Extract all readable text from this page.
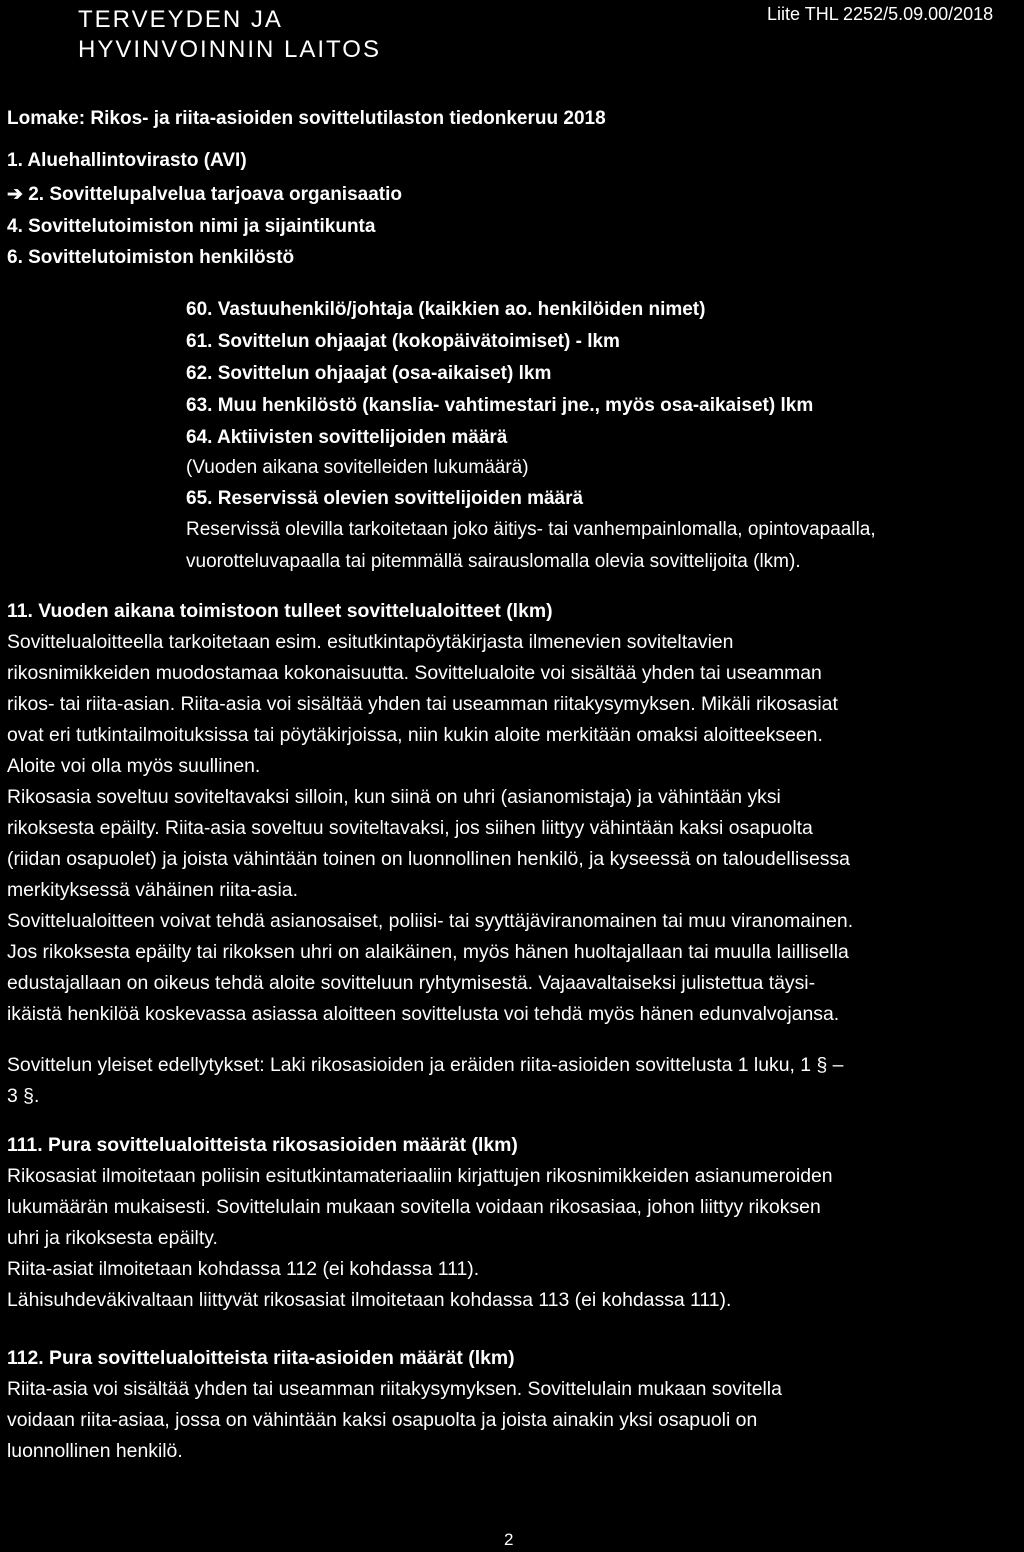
TERVEYDEN JA
HYVINVOINNIN LAITOS
Liite THL 2252/5.09.00/2018
Lomake: Rikos- ja riita-asioiden sovittelutilaston tiedonkeruu 2018
1. Aluehallintovirasto (AVI)
➔ 2. Sovittelupalvelua tarjoava organisaatio
4. Sovittelutoimiston nimi ja sijaintikunta
6. Sovittelutoimiston henkilöstö
60. Vastuuhenkilö/johtaja (kaikkien ao. henkilöiden nimet)
61. Sovittelun ohjaajat (kokopäivätoimiset) - lkm
62. Sovittelun ohjaajat (osa-aikaiset) lkm
63. Muu henkilöstö (kanslia- vahtimestari jne., myös osa-aikaiset) lkm
64. Aktiivisten sovittelijoiden määrä
(Vuoden aikana sovitelleiden lukumäärä)
65. Reservissä olevien sovittelijoiden määrä
Reservissä olevilla tarkoitetaan joko äitiys- tai vanhempainlomalla, opintovapaalla,
vuorotteluvapaalla tai pitemmällä sairauslomalla olevia sovittelijoita (lkm).
11. Vuoden aikana toimistoon tulleet sovittelualoitteet (lkm)
Sovittelualoitteella tarkoitetaan esim. esitutkintapöytäkirjasta ilmenevien soviteltavien
rikosnimikkeiden muodostamaa kokonaisuutta. Sovittelualoite voi sisältää yhden tai useamman
rikos- tai riita-asian. Riita-asia voi sisältää yhden tai useamman riitakysymyksen. Mikäli rikosasiat
ovat eri tutkintailmoituksissa tai pöytäkirjoissa, niin kukin aloite merkitään omaksi aloitteekseen.
Aloite voi olla myös suullinen.
Rikosasia soveltuu soviteltavaksi silloin, kun siinä on uhri (asianomistaja) ja vähintään yksi
rikoksesta epäilty. Riita-asia soveltuu soviteltavaksi, jos siihen liittyy vähintään kaksi osapuolta
(riidan osapuolet) ja joista vähintään toinen on luonnollinen henkilö, ja kyseessä on taloudellisessa
merkityksessä vähäinen riita-asia.
Sovittelualoitteen voivat tehdä asianosaiset, poliisi- tai syyttäjäviranomainen tai muu viranomainen.
Jos rikoksesta epäilty tai rikoksen uhri on alaikäinen, myös hänen huoltajallaan tai muulla laillisella
edustajallaan on oikeus tehdä aloite sovitteluun ryhtymisestä. Vajaavaltaiseksi julistettua täysi-
ikäistä henkilöä koskevassa asiassa aloitteen sovittelusta voi tehdä myös hänen edunvalvojansa.
Sovittelun yleiset edellytykset: Laki rikosasioiden ja eräiden riita-asioiden sovittelusta 1 luku, 1 § –
3 §.
111. Pura sovittelualoitteista rikosasioiden määrät (lkm)
Rikosasiat ilmoitetaan poliisin esitutkintamateriaaliin kirjattujen rikosnimikkeiden asianumeroiden
lukumäärän mukaisesti. Sovittelulain mukaan sovitella voidaan rikosasiaa, johon liittyy rikoksen
uhri ja rikoksesta epäilty.
Riita-asiat ilmoitetaan kohdassa 112 (ei kohdassa 111).
Lähisuhdeväkivaltaan liittyvät rikosasiat ilmoitetaan kohdassa 113 (ei kohdassa 111).
112. Pura sovittelualoitteista riita-asioiden määrät (lkm)
Riita-asia voi sisältää yhden tai useamman riitakysymyksen. Sovittelulain mukaan sovitella
voidaan riita-asiaa, jossa on vähintään kaksi osapuolta ja joista ainakin yksi osapuoli on
luonnollinen henkilö.
2
